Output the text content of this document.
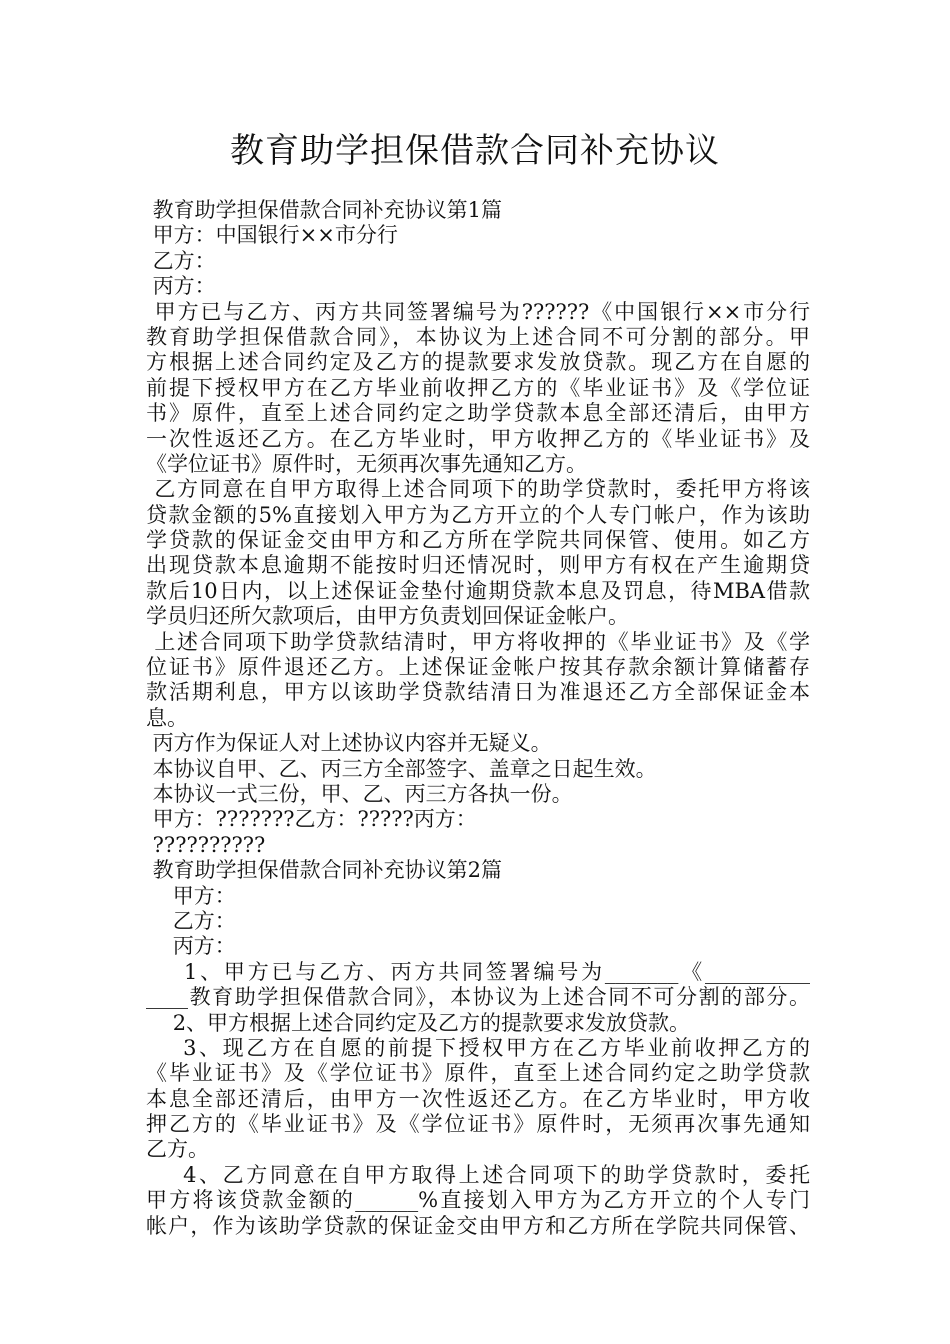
教育助学担保借款合同补充协议
教育助学担保借款合同补充协议第1篇
甲方：中国银行××市分行
乙方：
丙方：
甲方已与乙方、丙方共同签署编号为??????《中国银行××市分行
教育助学担保借款合同》，本协议为上述合同不可分割的部分。甲
方根据上述合同约定及乙方的提款要求发放贷款。现乙方在自愿的
前提下授权甲方在乙方毕业前收押乙方的《毕业证书》及《学位证
书》原件，直至上述合同约定之助学贷款本息全部还清后，由甲方
一次性返还乙方。在乙方毕业时，甲方收押乙方的《毕业证书》及
《学位证书》原件时，无须再次事先通知乙方。
乙方同意在自甲方取得上述合同项下的助学贷款时，委托甲方将该
贷款金额的5%直接划入甲方为乙方开立的个人专门帐户，作为该助
学贷款的保证金交由甲方和乙方所在学院共同保管、使用。如乙方
出现贷款本息逾期不能按时归还情况时，则甲方有权在产生逾期贷
款后10日内，以上述保证金垫付逾期贷款本息及罚息，待MBA借款
学员归还所欠款项后，由甲方负责划回保证金帐户。
上述合同项下助学贷款结清时，甲方将收押的《毕业证书》及《学
位证书》原件退还乙方。上述保证金帐户按其存款余额计算储蓄存
款活期利息，甲方以该助学贷款结清日为准退还乙方全部保证金本
息。
丙方作为保证人对上述协议内容并无疑义。
本协议自甲、乙、丙三方全部签字、盖章之日起生效。
本协议一式三份，甲、乙、丙三方各执一份。
甲方：???????乙方：?????丙方：
??????????
教育助学担保借款合同补充协议第2篇
甲方：
乙方：
丙方：
1、甲方已与乙方、丙方共同签署编号为_______《__________
____教育助学担保借款合同》，本协议为上述合同不可分割的部分。
2、甲方根据上述合同约定及乙方的提款要求发放贷款。
3、现乙方在自愿的前提下授权甲方在乙方毕业前收押乙方的
《毕业证书》及《学位证书》原件，直至上述合同约定之助学贷款
本息全部还清后，由甲方一次性返还乙方。在乙方毕业时，甲方收
押乙方的《毕业证书》及《学位证书》原件时，无须再次事先通知
乙方。
4、乙方同意在自甲方取得上述合同项下的助学贷款时，委托
甲方将该贷款金额的______%直接划入甲方为乙方开立的个人专门
帐户，作为该助学贷款的保证金交由甲方和乙方所在学院共同保管、
